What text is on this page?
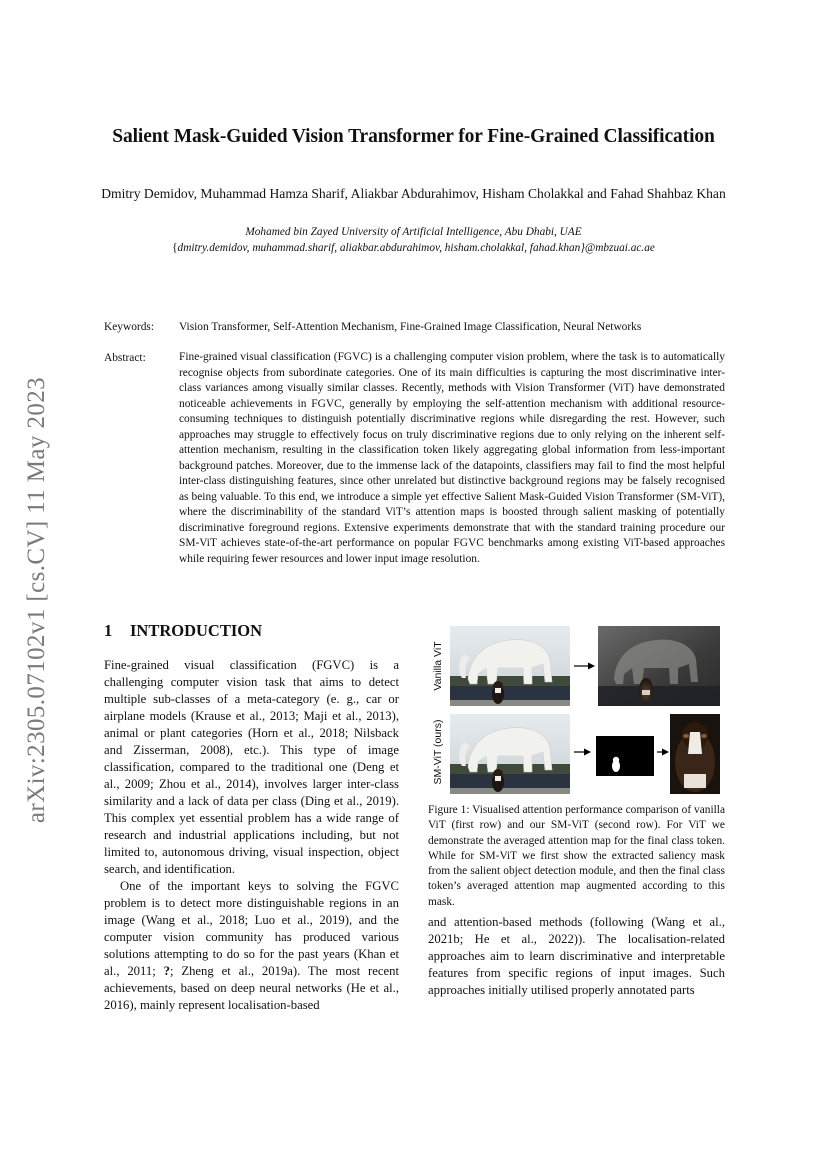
arXiv:2305.07102v1 [cs.CV] 11 May 2023
Salient Mask-Guided Vision Transformer for Fine-Grained Classification
Dmitry Demidov, Muhammad Hamza Sharif, Aliakbar Abdurahimov, Hisham Cholakkal and Fahad Shahbaz Khan
Mohamed bin Zayed University of Artificial Intelligence, Abu Dhabi, UAE
{dmitry.demidov, muhammad.sharif, aliakbar.abdurahimov, hisham.cholakkal, fahad.khan}@mbzuai.ac.ae
Keywords: Vision Transformer, Self-Attention Mechanism, Fine-Grained Image Classification, Neural Networks
Abstract:	Fine-grained visual classification (FGVC) is a challenging computer vision problem, where the task is to automatically recognise objects from subordinate categories. One of its main difficulties is capturing the most discriminative inter-class variances among visually similar classes. Recently, methods with Vision Transformer (ViT) have demonstrated noticeable achievements in FGVC, generally by employing the self-attention mechanism with additional resource-consuming techniques to distinguish potentially discriminative regions while disregarding the rest. However, such approaches may struggle to effectively focus on truly discriminative regions due to only relying on the inherent self-attention mechanism, resulting in the classification token likely aggregating global information from less-important background patches. Moreover, due to the immense lack of the datapoints, classifiers may fail to find the most helpful inter-class distinguishing features, since other unrelated but distinctive background regions may be falsely recognised as being valuable. To this end, we introduce a simple yet effective Salient Mask-Guided Vision Transformer (SM-ViT), where the discriminability of the standard ViT’s attention maps is boosted through salient masking of potentially discriminative foreground regions. Extensive experiments demonstrate that with the standard training procedure our SM-ViT achieves state-of-the-art performance on popular FGVC benchmarks among existing ViT-based approaches while requiring fewer resources and lower input image resolution.
1 INTRODUCTION

Fine-grained visual classification (FGVC) is a challenging computer vision task that aims to detect multiple sub-classes of a meta-category (e. g., car or airplane models (Krause et al., 2013; Maji et al., 2013), animal or plant categories (Horn et al., 2018; Nilsback and Zisserman, 2008), etc.). This type of image classification, compared to the traditional one (Deng et al., 2009; Zhou et al., 2014), involves larger inter-class similarity and a lack of data per class (Ding et al., 2019). This complex yet essential problem has a wide range of research and industrial applications including, but not limited to, autonomous driving, visual inspection, object search, and identification.

One of the important keys to solving the FGVC problem is to detect more distinguishable regions in an image (Wang et al., 2018; Luo et al., 2019), and the computer vision community has produced various solutions attempting to do so for the past years (Khan et al., 2011; ?; Zheng et al., 2019a). The most recent achievements, based on deep neural networks (He et al., 2016), mainly represent localisation-based

Vanilla ViT
SM-ViT (ours)
Figure 1: Visualised attention performance comparison of vanilla ViT (first row) and our SM-ViT (second row). For ViT we demonstrate the averaged attention map for the final class token. While for SM-ViT we first show the extracted saliency mask from the salient object detection module, and then the final class token’s averaged attention map augmented according to this mask.

and attention-based methods (following (Wang et al., 2021b; He et al., 2022)). The localisation-related approaches aim to learn discriminative and interpretable features from specific regions of input images. Such approaches initially utilised properly annotated parts
